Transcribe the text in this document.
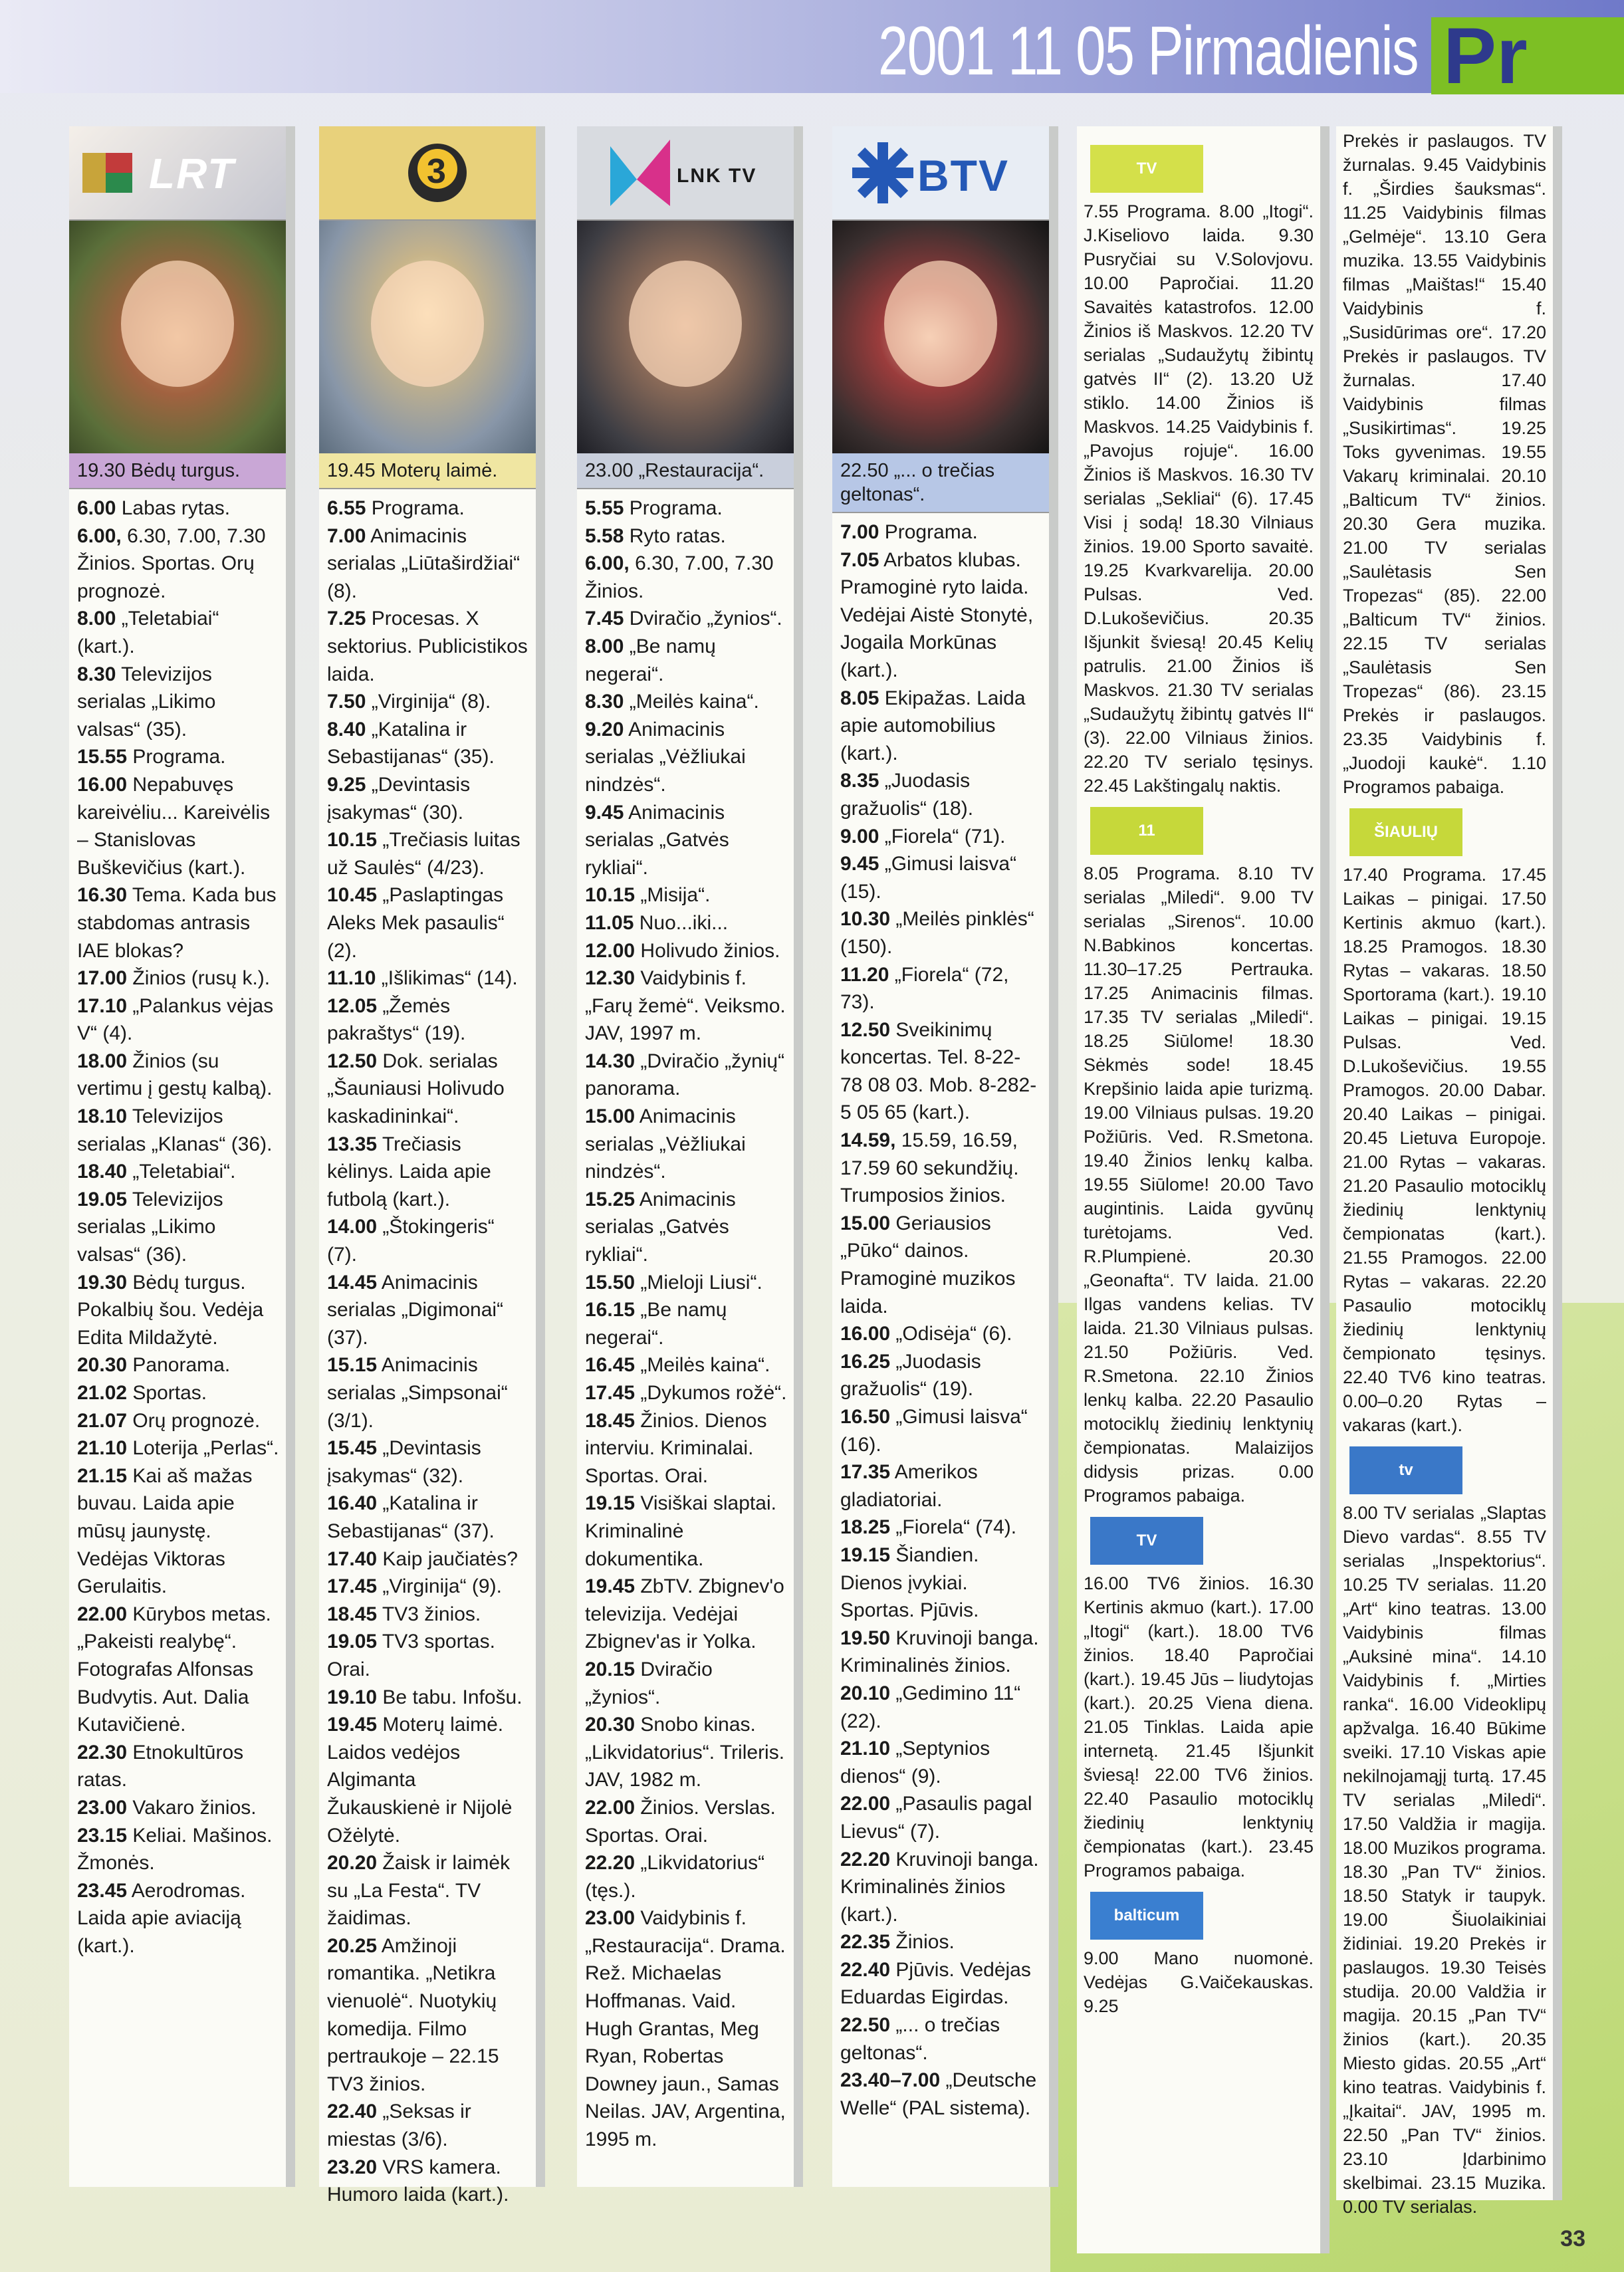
2001 11 05 Pirmadienis Pr
LRT
19.30 Bėdų turgus.
6.00 Labas rytas.
6.00, 6.30, 7.00, 7.30 Žinios. Sportas. Orų prognozė.
8.00 „Teletabiai“ (kart.).
8.30 Televizijos serialas „Likimo valsas“ (35).
15.55 Programa.
16.00 Nepabuvęs kareivėliu... Kareivėlis – Stanislovas Buškevičius (kart.).
16.30 Tema. Kada bus stabdomas antrasis IAE blokas?
17.00 Žinios (rusų k.).
17.10 „Palankus vėjas V“ (4).
18.00 Žinios (su vertimu į gestų kalbą).
18.10 Televizijos serialas „Klanas“ (36).
18.40 „Teletabiai“.
19.05 Televizijos serialas „Likimo valsas“ (36).
19.30 Bėdų turgus. Pokalbių šou. Vedėja Edita Mildažytė.
20.30 Panorama.
21.02 Sportas.
21.07 Orų prognozė.
21.10 Loterija „Perlas“.
21.15 Kai aš mažas buvau. Laida apie mūsų jaunystę. Vedėjas Viktoras Gerulaitis.
22.00 Kūrybos metas. „Pakeisti realybę“. Fotografas Alfonsas Budvytis. Aut. Dalia Kutavičienė.
22.30 Etnokultūros ratas.
23.00 Vakaro žinios.
23.15 Keliai. Mašinos. Žmonės.
23.45 Aerodromas. Laida apie aviaciją (kart.).
3
19.45 Moterų laimė.
6.55 Programa.
7.00 Animacinis serialas „Liūtaširdžiai“ (8).
7.25 Procesas. X sektorius. Publicistikos laida.
7.50 „Virginija“ (8).
8.40 „Katalina ir Sebastijanas“ (35).
9.25 „Devintasis įsakymas“ (30).
10.15 „Trečiasis luitas už Saulės“ (4/23).
10.45 „Paslaptingas Aleks Mek pasaulis“ (2).
11.10 „Išlikimas“ (14).
12.05 „Žemės pakraštys“ (19).
12.50 Dok. serialas „Šauniausi Holivudo kaskadininkai“.
13.35 Trečiasis kėlinys. Laida apie futbolą (kart.).
14.00 „Štokingeris“ (7).
14.45 Animacinis serialas „Digimonai“ (37).
15.15 Animacinis serialas „Simpsonai“ (3/1).
15.45 „Devintasis įsakymas“ (32).
16.40 „Katalina ir Sebastijanas“ (37).
17.40 Kaip jaučiatės?
17.45 „Virginija“ (9).
18.45 TV3 žinios.
19.05 TV3 sportas. Orai.
19.10 Be tabu. Infošu.
19.45 Moterų laimė. Laidos vedėjos Algimanta Žukauskienė ir Nijolė Ožėlytė.
20.20 Žaisk ir laimėk su „La Festa“. TV žaidimas.
20.25 Amžinoji romantika. „Netikra vienuolė“. Nuotykių komedija. Filmo pertraukoje – 22.15 TV3 žinios.
22.40 „Seksas ir miestas (3/6).
23.20 VRS kamera. Humoro laida (kart.).
LNK TV
23.00 „Restauracija“.
5.55 Programa.
5.58 Ryto ratas.
6.00, 6.30, 7.00, 7.30 Žinios.
7.45 Dviračio „žynios“.
8.00 „Be namų negerai“.
8.30 „Meilės kaina“.
9.20 Animacinis serialas „Vėžliukai nindzės“.
9.45 Animacinis serialas „Gatvės rykliai“.
10.15 „Misija“.
11.05 Nuo...iki...
12.00 Holivudo žinios.
12.30 Vaidybinis f. „Farų žemė“. Veiksmo. JAV, 1997 m.
14.30 „Dviračio „žynių“ panorama.
15.00 Animacinis serialas „Vėžliukai nindzės“.
15.25 Animacinis serialas „Gatvės rykliai“.
15.50 „Mieloji Liusi“.
16.15 „Be namų negerai“.
16.45 „Meilės kaina“.
17.45 „Dykumos rožė“.
18.45 Žinios. Dienos interviu. Kriminalai. Sportas. Orai.
19.15 Visiškai slaptai. Kriminalinė dokumentika.
19.45 ZbTV. Zbignev'o televizija. Vedėjai Zbignev'as ir Yolka.
20.15 Dviračio „žynios“.
20.30 Snobo kinas. „Likvidatorius“. Trileris. JAV, 1982 m.
22.00 Žinios. Verslas. Sportas. Orai.
22.20 „Likvidatorius“ (tęs.).
23.00 Vaidybinis f. „Restauracija“. Drama. Rež. Michaelas Hoffmanas. Vaid. Hugh Grantas, Meg Ryan, Robertas Downey jaun., Samas Neilas. JAV, Argentina, 1995 m.
BTV
22.50 „... o trečias geltonas“.
7.00 Programa.
7.05 Arbatos klubas. Pramoginė ryto laida. Vedėjai Aistė Stonytė, Jogaila Morkūnas (kart.).
8.05 Ekipažas. Laida apie automobilius (kart.).
8.35 „Juodasis gražuolis“ (18).
9.00 „Fiorela“ (71).
9.45 „Gimusi laisva“ (15).
10.30 „Meilės pinklės“ (150).
11.20 „Fiorela“ (72, 73).
12.50 Sveikinimų koncertas. Tel. 8-22-78 08 03. Mob. 8-282-5 05 65 (kart.).
14.59, 15.59, 16.59, 17.59 60 sekundžių. Trumposios žinios.
15.00 Geriausios „Pūko“ dainos. Pramoginė muzikos laida.
16.00 „Odisėja“ (6).
16.25 „Juodasis gražuolis“ (19).
16.50 „Gimusi laisva“ (16).
17.35 Amerikos gladiatoriai.
18.25 „Fiorela“ (74).
19.15 Šiandien. Dienos įvykiai. Sportas. Pjūvis.
19.50 Kruvinoji banga. Kriminalinės žinios.
20.10 „Gedimino 11“ (22).
21.10 „Septynios dienos“ (9).
22.00 „Pasaulis pagal Lievus“ (7).
22.20 Kruvinoji banga. Kriminalinės žinios (kart.).
22.35 Žinios.
22.40 Pjūvis. Vedėjas Eduardas Eigirdas.
22.50 „... o trečias geltonas“.
23.40–7.00 „Deutsche Welle“ (PAL sistema).
TV
7.55 Programa. 8.00 „Itogi“. J.Kiseliovo laida. 9.30 Pusryčiai su V.Solovjovu. 10.00 Papročiai. 11.20 Savaitės katastrofos. 12.00 Žinios iš Maskvos. 12.20 TV serialas „Sudaužytų žibintų gatvės II“ (2). 13.20 Už stiklo. 14.00 Žinios iš Maskvos. 14.25 Vaidybinis f. „Pavojus rojuje“. 16.00 Žinios iš Maskvos. 16.30 TV serialas „Sekliai“ (6). 17.45 Visi į sodą! 18.30 Vilniaus žinios. 19.00 Sporto savaitė. 19.25 Kvarkvarelija. 20.00 Pulsas. Ved. D.Lukoševičius. 20.35 Išjunkit šviesą! 20.45 Kelių patrulis. 21.00 Žinios iš Maskvos. 21.30 TV serialas „Sudaužytų žibintų gatvės II“ (3). 22.00 Vilniaus žinios. 22.20 TV serialo tęsinys. 22.45 Lakštingalų naktis.
11
8.05 Programa. 8.10 TV serialas „Miledi“. 9.00 TV serialas „Sirenos“. 10.00 N.Babkinos koncertas. 11.30–17.25 Pertrauka. 17.25 Animacinis filmas. 17.35 TV serialas „Miledi“. 18.25 Siūlome! 18.30 Sėkmės sode! 18.45 Krepšinio laida apie turizmą. 19.00 Vilniaus pulsas. 19.20 Požiūris. Ved. R.Smetona. 19.40 Žinios lenkų kalba. 19.55 Siūlome! 20.00 Tavo augintinis. Laida gyvūnų turėtojams. Ved. R.Plumpienė. 20.30 „Geonafta“. TV laida. 21.00 Ilgas vandens kelias. TV laida. 21.30 Vilniaus pulsas. 21.50 Požiūris. Ved. R.Smetona. 22.10 Žinios lenkų kalba. 22.20 Pasaulio motociklų žiedinių lenktynių čempionatas. Malaizijos didysis prizas. 0.00 Programos pabaiga.
TV
16.00 TV6 žinios. 16.30 Kertinis akmuo (kart.). 17.00 „Itogi“ (kart.). 18.00 TV6 žinios. 18.40 Papročiai (kart.). 19.45 Jūs – liudytojas (kart.). 20.25 Viena diena. 21.05 Tinklas. Laida apie internetą. 21.45 Išjunkit šviesą! 22.00 TV6 žinios. 22.40 Pasaulio motociklų žiedinių lenktynių čempionatas (kart.). 23.45 Programos pabaiga.
balticum
9.00 Mano nuomonė. Vedėjas G.Vaičekauskas. 9.25
Prekės ir paslaugos. TV žurnalas. 9.45 Vaidybinis f. „Širdies šauksmas“. 11.25 Vaidybinis filmas „Gelmėje“. 13.10 Gera muzika. 13.55 Vaidybinis filmas „Maištas!“ 15.40 Vaidybinis f. „Susidūrimas ore“. 17.20 Prekės ir paslaugos. TV žurnalas. 17.40 Vaidybinis filmas „Susikirtimas“. 19.25 Toks gyvenimas. 19.55 Vakarų kriminalai. 20.10 „Balticum TV“ žinios. 20.30 Gera muzika. 21.00 TV serialas „Saulėtasis Sen Tropezas“ (85). 22.00 „Balticum TV“ žinios. 22.15 TV serialas „Saulėtasis Sen Tropezas“ (86). 23.15 Prekės ir paslaugos. 23.35 Vaidybinis f. „Juodoji kaukė“. 1.10 Programos pabaiga.
ŠIAULIŲ
17.40 Programa. 17.45 Laikas – pinigai. 17.50 Kertinis akmuo (kart.). 18.25 Pramogos. 18.30 Rytas – vakaras. 18.50 Sportorama (kart.). 19.10 Laikas – pinigai. 19.15 Pulsas. Ved. D.Lukoševičius. 19.55 Pramogos. 20.00 Dabar. 20.40 Laikas – pinigai. 20.45 Lietuva Europoje. 21.00 Rytas – vakaras. 21.20 Pasaulio motociklų žiedinių lenktynių čempionatas (kart.). 21.55 Pramogos. 22.00 Rytas – vakaras. 22.20 Pasaulio motociklų žiedinių lenktynių čempionato tęsinys. 22.40 TV6 kino teatras. 0.00–0.20 Rytas – vakaras (kart.).
tv
8.00 TV serialas „Slaptas Dievo vardas“. 8.55 TV serialas „Inspektorius“. 10.25 TV serialas. 11.20 „Art“ kino teatras. 13.00 Vaidybinis filmas „Auksinė mina“. 14.10 Vaidybinis f. „Mirties ranka“. 16.00 Videoklipų apžvalga. 16.40 Būkime sveiki. 17.10 Viskas apie nekilnojamąjį turtą. 17.45 TV serialas „Miledi“. 17.50 Valdžia ir magija. 18.00 Muzikos programa. 18.30 „Pan TV“ žinios. 18.50 Statyk ir taupyk. 19.00 Šiuolaikiniai židiniai. 19.20 Prekės ir paslaugos. 19.30 Teisės studija. 20.00 Valdžia ir magija. 20.15 „Pan TV“ žinios (kart.). 20.35 Miesto gidas. 20.55 „Art“ kino teatras. Vaidybinis f. „Įkaitai“. JAV, 1995 m. 22.50 „Pan TV“ žinios. 23.10 Įdarbinimo skelbimai. 23.15 Muzika. 0.00 TV serialas.
33
